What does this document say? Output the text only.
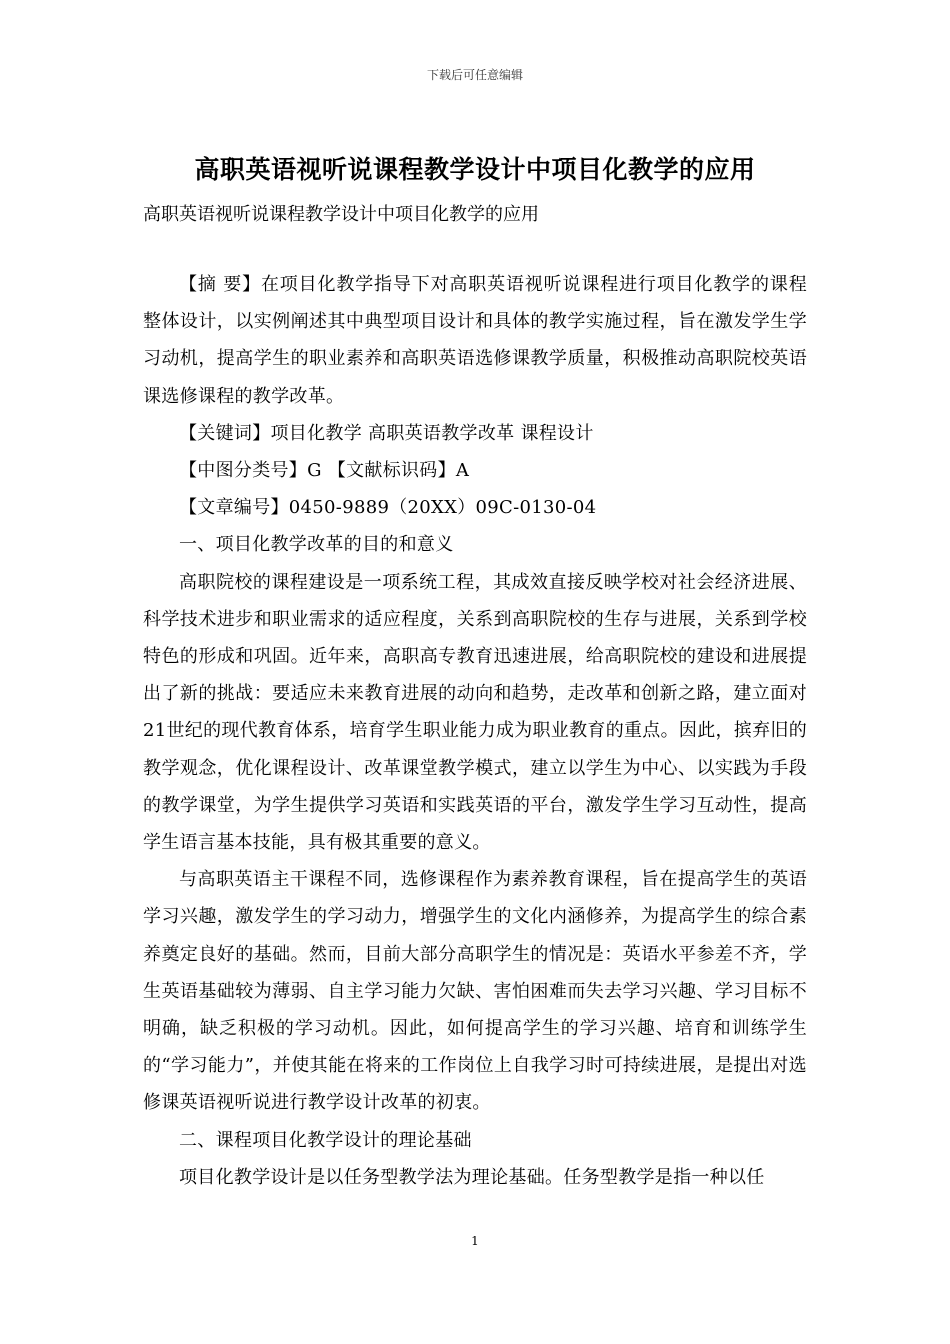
下载后可任意编辑
高职英语视听说课程教学设计中项目化教学的应用
高职英语视听说课程教学设计中项目化教学的应用

【摘 要】在项目化教学指导下对高职英语视听说课程进行项目化教学的课程整体设计，以实例阐述其中典型项目设计和具体的教学实施过程，旨在激发学生学习动机，提高学生的职业素养和高职英语选修课教学质量，积极推动高职院校英语课选修课程的教学改革。

【关键词】项目化教学 高职英语教学改革 课程设计

【中图分类号】G 【文献标识码】A

【文章编号】0450-9889（20XX）09C-0130-04

一、项目化教学改革的目的和意义

高职院校的课程建设是一项系统工程，其成效直接反映学校对社会经济进展、科学技术进步和职业需求的适应程度，关系到高职院校的生存与进展，关系到学校特色的形成和巩固。近年来，高职高专教育迅速进展，给高职院校的建设和进展提出了新的挑战：要适应未来教育进展的动向和趋势，走改革和创新之路，建立面对21世纪的现代教育体系，培育学生职业能力成为职业教育的重点。因此，摈弃旧的教学观念，优化课程设计、改革课堂教学模式，建立以学生为中心、以实践为手段的教学课堂，为学生提供学习英语和实践英语的平台，激发学生学习互动性，提高学生语言基本技能，具有极其重要的意义。

与高职英语主干课程不同，选修课程作为素养教育课程，旨在提高学生的英语学习兴趣，激发学生的学习动力，增强学生的文化内涵修养，为提高学生的综合素养奠定良好的基础。然而，目前大部分高职学生的情况是：英语水平参差不齐，学生英语基础较为薄弱、自主学习能力欠缺、害怕困难而失去学习兴趣、学习目标不明确，缺乏积极的学习动机。因此，如何提高学生的学习兴趣、培育和训练学生的“学习能力”，并使其能在将来的工作岗位上自我学习时可持续进展，是提出对选修课英语视听说进行教学设计改革的初衷。

二、课程项目化教学设计的理论基础

项目化教学设计是以任务型教学法为理论基础。任务型教学是指一种以任

1
